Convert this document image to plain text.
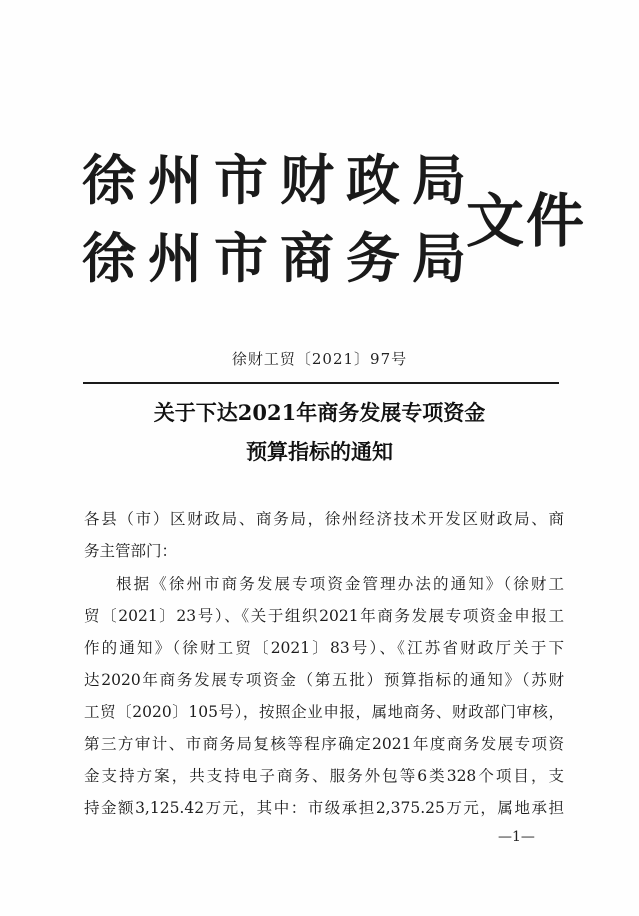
徐州市财政局
徐州市商务局
文件
徐财工贸〔2021〕97号
关于下达2021年商务发展专项资金
预算指标的通知
各县（市）区财政局、商务局，徐州经济技术开发区财政局、商
务主管部门：
根据《徐州市商务发展专项资金管理办法的通知》（徐财工
贸〔2021〕23号）、《关于组织2021年商务发展专项资金申报工
作的通知》（徐财工贸〔2021〕83号）、《江苏省财政厅关于下
达2020年商务发展专项资金（第五批）预算指标的通知》（苏财
工贸〔2020〕105号），按照企业申报，属地商务、财政部门审核，
第三方审计、市商务局复核等程序确定2021年度商务发展专项资
金支持方案，共支持电子商务、服务外包等6类328个项目，支
持金额3,125.42万元，其中：市级承担2,375.25万元，属地承担
—1—
